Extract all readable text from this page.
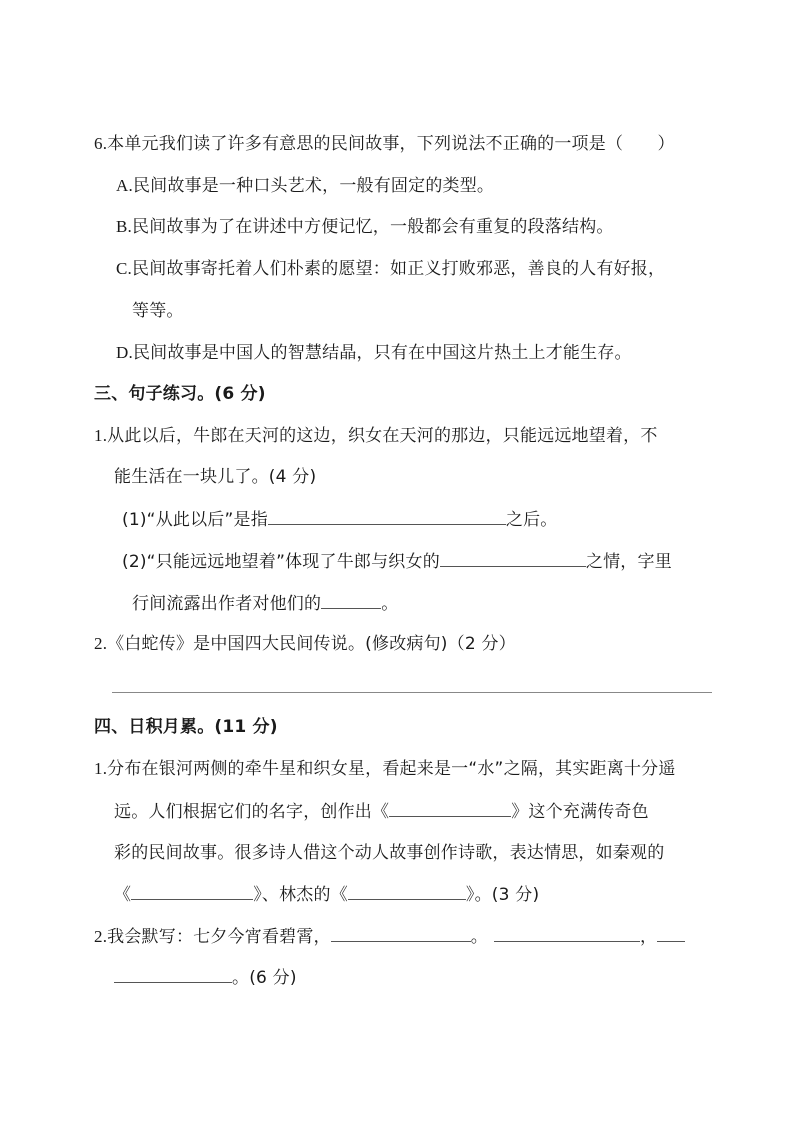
6.本单元我们读了许多有意思的民间故事，下列说法不正确的一项是（　　）
A.民间故事是一种口头艺术，一般有固定的类型。
B.民间故事为了在讲述中方便记忆，一般都会有重复的段落结构。
C.民间故事寄托着人们朴素的愿望：如正义打败邪恶，善良的人有好报，
等等。
D.民间故事是中国人的智慧结晶，只有在中国这片热土上才能生存。
三、句子练习。(6 分)
1.从此以后，牛郎在天河的这边，织女在天河的那边，只能远远地望着，不
能生活在一块儿了。(4 分)
(1)“从此以后”是指	之后。
(2)“只能远远地望着”体现了牛郎与织女的	之情，字里
行间流露出作者对他们的	。
2.《白蛇传》是中国四大民间传说。(修改病句)（2 分）
四、日积月累。(11 分)
1.分布在银河两侧的牵牛星和织女星，看起来是一“水”之隔，其实距离十分遥
远。人们根据它们的名字，创作出《	》这个充满传奇色
彩的民间故事。很多诗人借这个动人故事创作诗歌，表达情思，如秦观的
《	》、林杰的《	》。(3 分)
2.我会默写：七夕今宵看碧霄，	。	，
。(6 分)
